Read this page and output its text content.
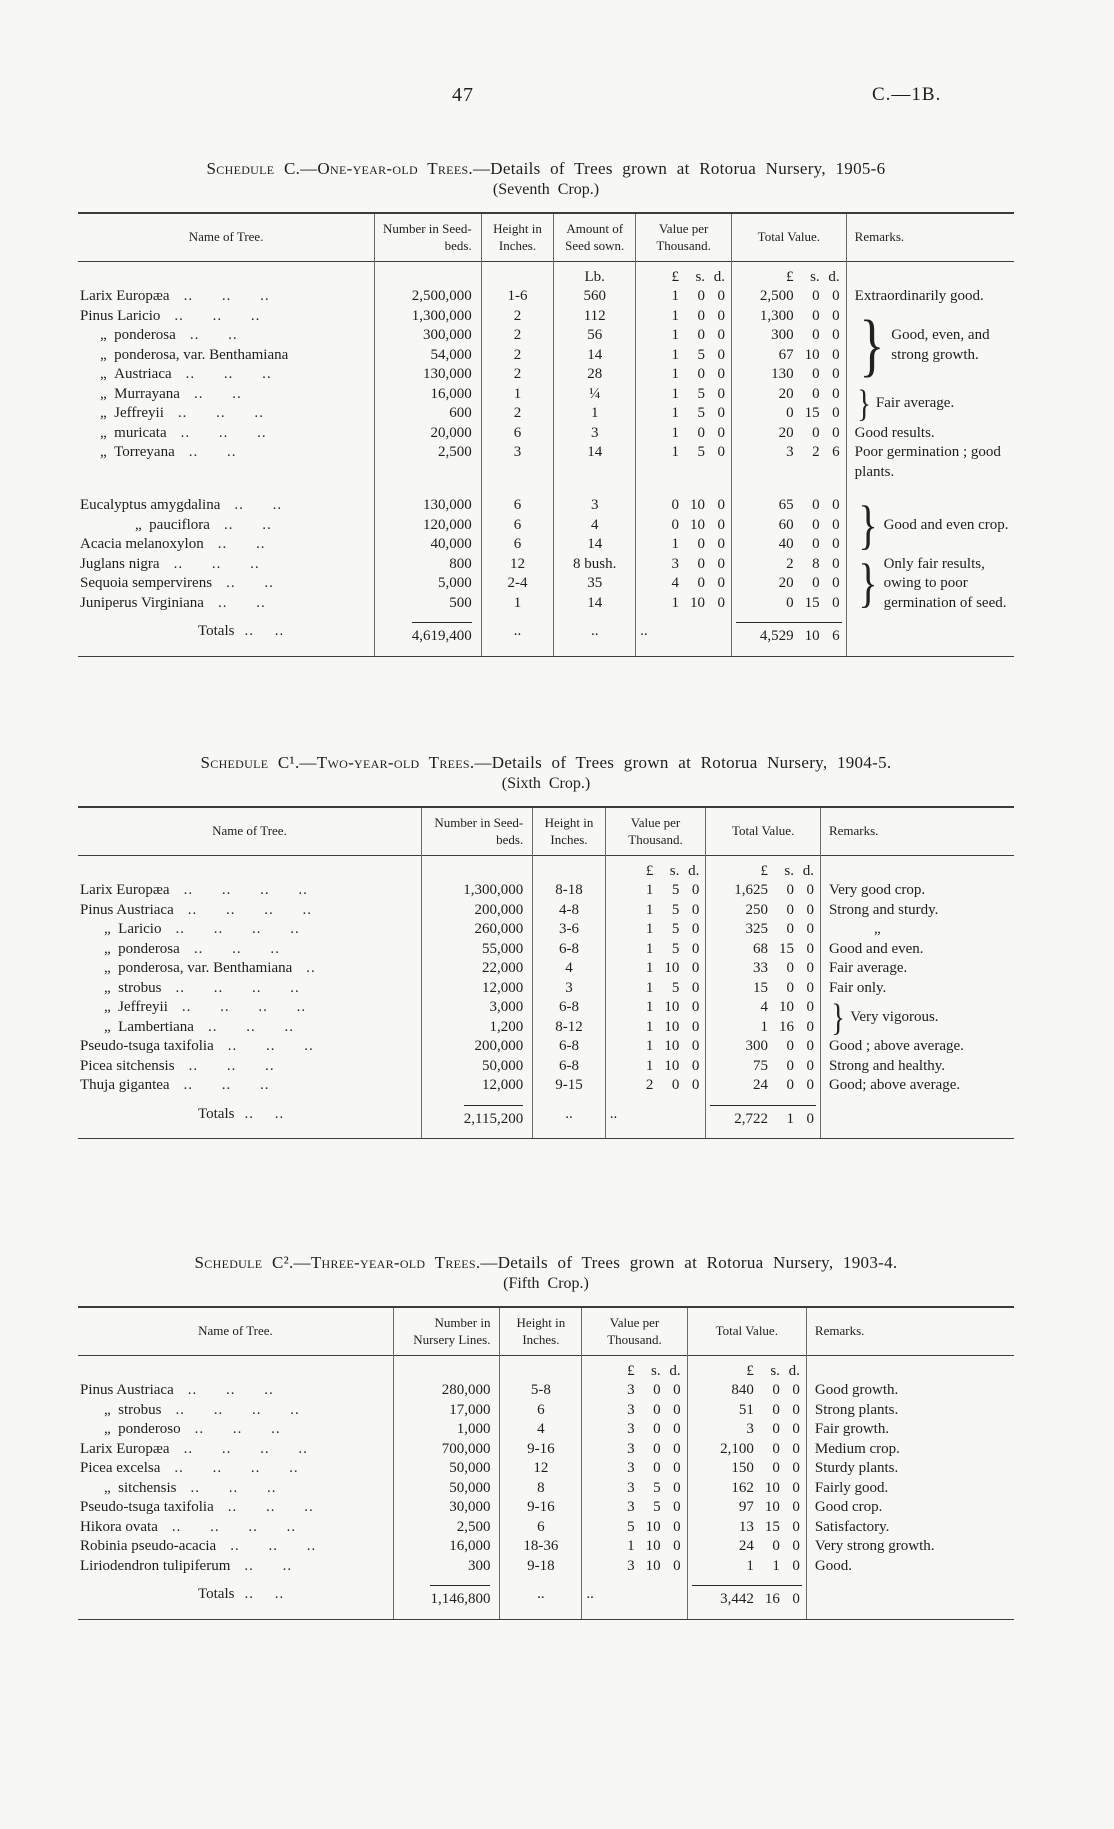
47	C.—1B.
Schedule C.—One-year-old Trees.—Details of Trees grown at Rotorua Nursery, 1905-6
(Seventh Crop.)
Name of Tree.	Number in Seed-beds.	Height in Inches.	Amount of Seed sown.	Value per Thousand.	Total Value.	Remarks.
			Lb.	£ s. d.	£ s. d.	

Larix Europæa .. .. ..	2,500,000	1-6	560	1 0 0	2,500 0 0	Extraordinarily good.
Pinus Laricio .. .. ..	1,300,000	2	112	1 0 0	1,300 0 0	} Good, even, and strong growth.

„ ponderosa .. ..	300,000	2	56	1 0 0	300 0 0	

„ ponderosa, var. Benthamiana	54,000	2	14	1 5 0	67 10 0	

„ Austriaca .. .. ..	130,000	2	28	1 0 0	130 0 0	

„ Murrayana .. ..	16,000	1	¼	1 5 0	20 0 0	} Fair average.

„ Jeffreyii .. .. ..	600	2	1	1 5 0	0 15 0	

„ muricata .. .. ..	20,000	6	3	1 0 0	20 0 0	Good results.
„ Torreyana .. ..	2,500	3	14	1 5 0	3 2 6	Poor germination ; good plants.
Eucalyptus amygdalina .. ..	130,000	6	3	0 10 0	65 0 0	} Good and even crop.

„ pauciflora .. ..	120,000	6	4	0 10 0	60 0 0	

Acacia melanoxylon .. ..	40,000	6	14	1 0 0	40 0 0	

Juglans nigra .. .. ..	800	12	8 bush.	3 0 0	2 8 0	} Only fair results, owing to poor germination of seed.

Sequoia sempervirens .. ..	5,000	2-4	35	4 0 0	20 0 0	

Juniperus Virginiana .. ..	500	1	14	1 10 0	0 15 0	

Totals .. ..	4,619,400	..	..	..	4,529 10 6	

Schedule C¹.—Two-year-old Trees.—Details of Trees grown at Rotorua Nursery, 1904-5.
(Sixth Crop.)
Name of Tree.	Number in Seed-beds.	Height in Inches.	Value per Thousand.	Total Value.	Remarks.

			£ s. d.	£ s. d.	

Larix Europæa .. .. .. ..	1,300,000	8-18	1 5 0	1,625 0 0	Very good crop.
Pinus Austriaca .. .. .. ..	200,000	4-8	1 5 0	250 0 0	Strong and sturdy.
„ Laricio .. .. .. ..	260,000	3-6	1 5 0	325 0 0	   „
„ ponderosa .. .. ..	55,000	6-8	1 5 0	68 15 0	Good and even.
„ ponderosa, var. Benthamiana ..	22,000	4	1 10 0	33 0 0	Fair average.
„ strobus .. .. .. ..	12,000	3	1 5 0	15 0 0	Fair only.
„ Jeffreyii .. .. .. ..	3,000	6-8	1 10 0	4 10 0	} Very vigorous.

„ Lambertiana .. .. ..	1,200	8-12	1 10 0	1 16 0	

Pseudo-tsuga taxifolia .. .. ..	200,000	6-8	1 10 0	300 0 0	Good ; above average.
Picea sitchensis .. .. ..	50,000	6-8	1 10 0	75 0 0	Strong and healthy.
Thuja gigantea .. .. ..	12,000	9-15	2 0 0	24 0 0	Good; above average.
Totals .. ..	2,115,200	..	..	2,722 1 0	

Schedule C².—Three-year-old Trees.—Details of Trees grown at Rotorua Nursery, 1903-4.
(Fifth Crop.)
Name of Tree.	Number in Nursery Lines.	Height in Inches.	Value per Thousand.	Total Value.	Remarks.

			£ s. d.	£ s. d.	

Pinus Austriaca .. .. ..	280,000	5-8	3 0 0	840 0 0	Good growth.
„ strobus .. .. .. ..	17,000	6	3 0 0	51 0 0	Strong plants.
„ ponderoso .. .. ..	1,000	4	3 0 0	3 0 0	Fair growth.
Larix Europæa .. .. .. ..	700,000	9-16	3 0 0	2,100 0 0	Medium crop.
Picea excelsa .. .. .. ..	50,000	12	3 0 0	150 0 0	Sturdy plants.
„ sitchensis .. .. ..	50,000	8	3 5 0	162 10 0	Fairly good.
Pseudo-tsuga taxifolia .. .. ..	30,000	9-16	3 5 0	97 10 0	Good crop.
Hikora ovata .. .. .. ..	2,500	6	5 10 0	13 15 0	Satisfactory.
Robinia pseudo-acacia .. .. ..	16,000	18-36	1 10 0	24 0 0	Very strong growth.
Liriodendron tulipiferum .. ..	300	9-18	3 10 0	1 1 0	Good.
Totals .. ..	1,146,800	..	..	3,442 16 0	
